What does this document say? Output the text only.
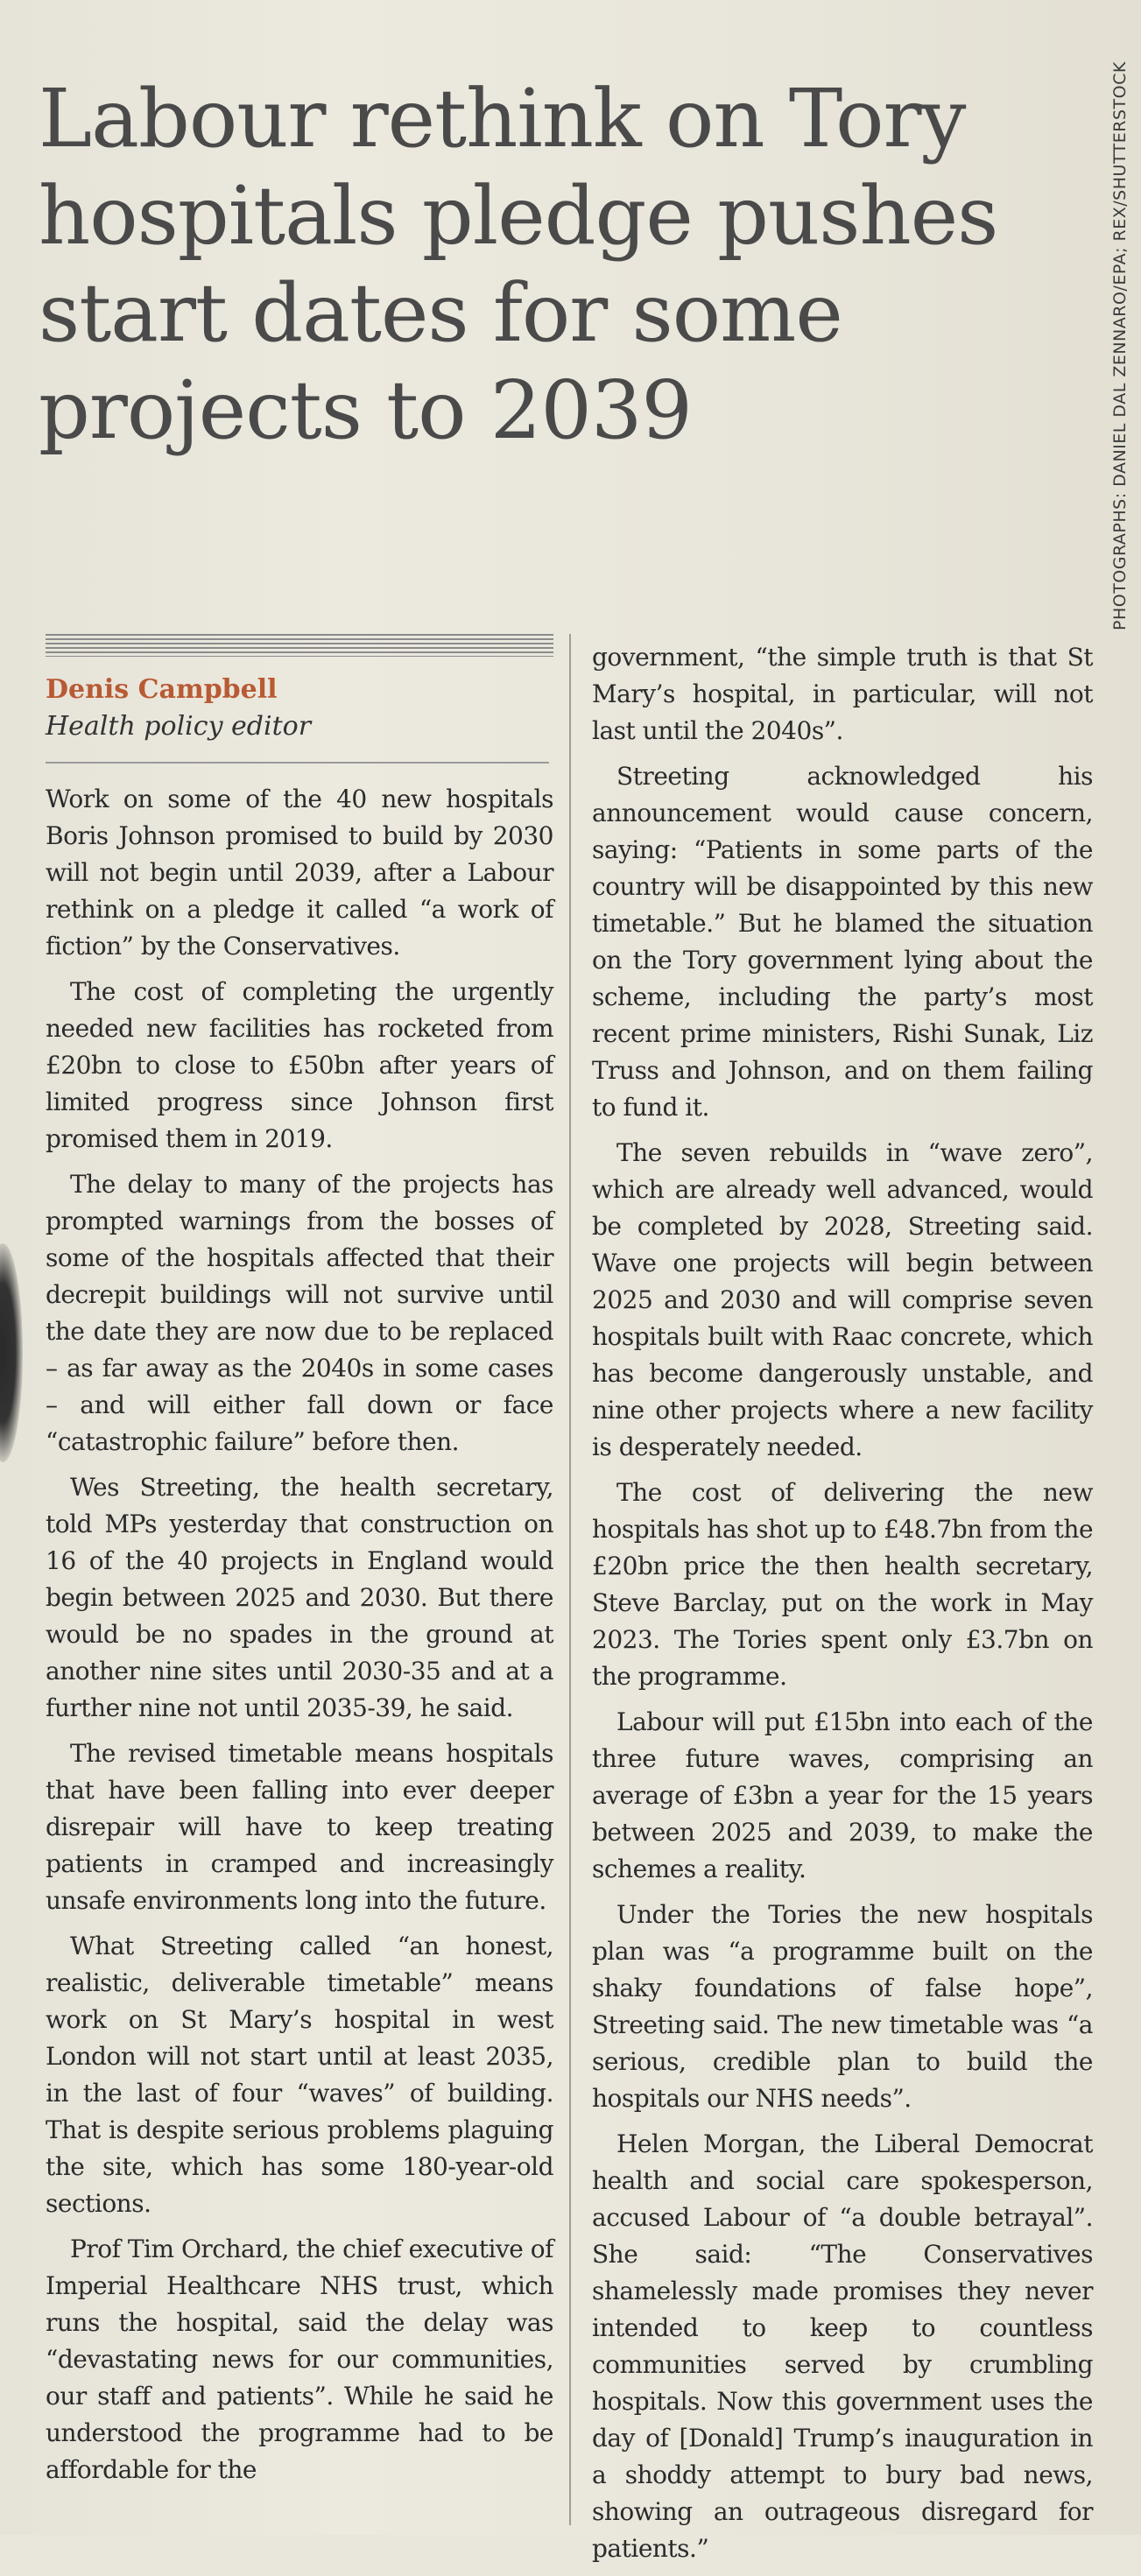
Labour rethink on Tory hospitals pledge pushes start dates for some projects to 2039	PHOTOGRAPHS: DANIEL DAL ZENNARO/EPA; REX/SHUTTERSTOCK

Denis Campbell

Health policy editor

Work on some of the 40 new hospitals Boris Johnson promised to build by 2030 will not begin until 2039, after a Labour rethink on a pledge it called “a work of fiction” by the Conservatives.

The cost of completing the urgently needed new facilities has rocketed from £20bn to close to £50bn after years of limited progress since Johnson first promised them in 2019.

The delay to many of the projects has prompted warnings from the bosses of some of the hospitals affected that their decrepit buildings will not survive until the date they are now due to be replaced – as far away as the 2040s in some cases – and will either fall down or face “catastrophic failure” before then.

Wes Streeting, the health secretary, told MPs yesterday that construction on 16 of the 40 projects in England would begin between 2025 and 2030. But there would be no spades in the ground at another nine sites until 2030-35 and at a further nine not until 2035-39, he said.

The revised timetable means hospitals that have been falling into ever deeper disrepair will have to keep treating patients in cramped and increasingly unsafe environments long into the future.

What Streeting called “an honest, realistic, deliverable timetable” means work on St Mary’s hospital in west London will not start until at least 2035, in the last of four “waves” of building. That is despite serious problems plaguing the site, which has some 180-year-old sections.

Prof Tim Orchard, the chief executive of Imperial Healthcare NHS trust, which runs the hospital, said the delay was “devastating news for our communities, our staff and patients”. While he said he understood the programme had to be affordable for the

government, “the simple truth is that St Mary’s hospital, in particular, will not last until the 2040s”.

Streeting acknowledged his announcement would cause concern, saying: “Patients in some parts of the country will be disappointed by this new timetable.” But he blamed the situation on the Tory government lying about the scheme, including the party’s most recent prime ministers, Rishi Sunak, Liz Truss and Johnson, and on them failing to fund it.

The seven rebuilds in “wave zero”, which are already well advanced, would be completed by 2028, Streeting said. Wave one projects will begin between 2025 and 2030 and will comprise seven hospitals built with Raac concrete, which has become dangerously unstable, and nine other projects where a new facility is desperately needed.

The cost of delivering the new hospitals has shot up to £48.7bn from the £20bn price the then health secretary, Steve Barclay, put on the work in May 2023. The Tories spent only £3.7bn on the programme.

Labour will put £15bn into each of the three future waves, comprising an average of £3bn a year for the 15 years between 2025 and 2039, to make the schemes a reality.

Under the Tories the new hospitals plan was “a programme built on the shaky foundations of false hope”, Streeting said. The new timetable was “a serious, credible plan to build the hospitals our NHS needs”.

Helen Morgan, the Liberal Democrat health and social care spokesperson, accused Labour of “a double betrayal”. She said: “The Conservatives shamelessly made promises they never intended to keep to countless communities served by crumbling hospitals. Now this government uses the day of [Donald] Trump’s inauguration in a shoddy attempt to bury bad news, showing an outrageous disregard for patients.”
